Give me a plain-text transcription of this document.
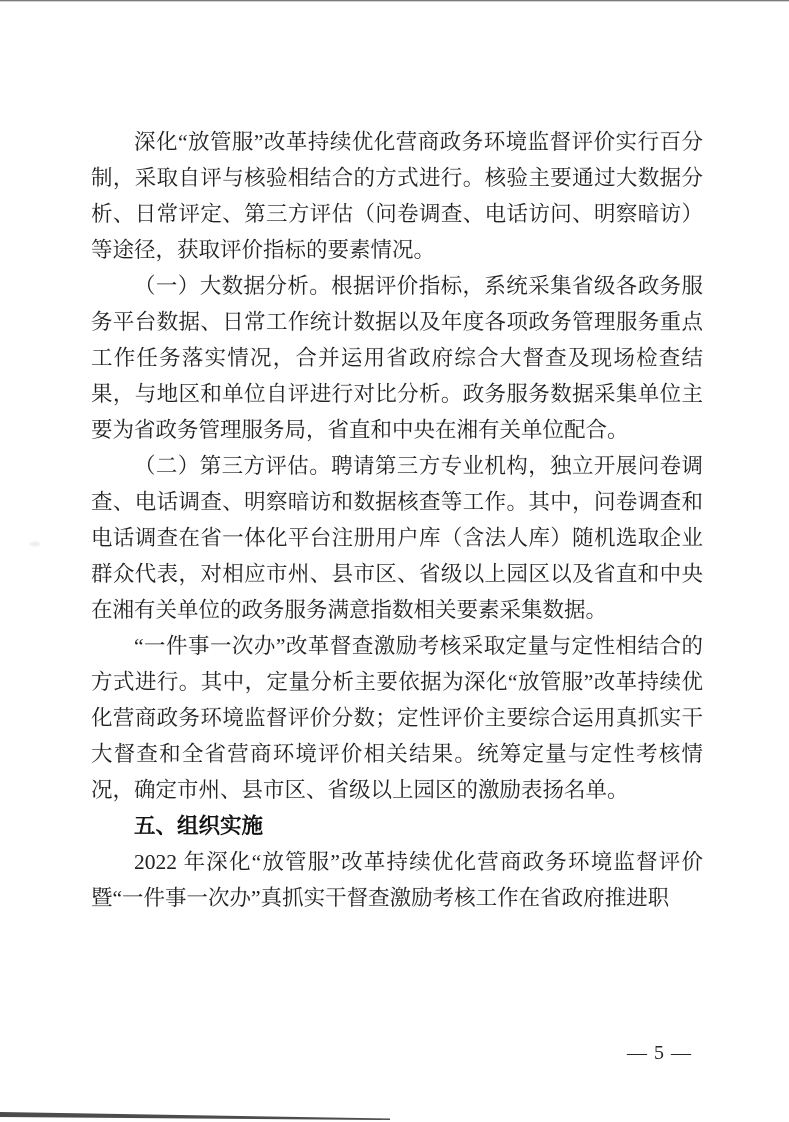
深化“放管服”改革持续优化营商政务环境监督评价实行百分制，采取自评与核验相结合的方式进行。核验主要通过大数据分析、日常评定、第三方评估（问卷调查、电话访问、明察暗访）等途径，获取评价指标的要素情况。

（一）大数据分析。根据评价指标，系统采集省级各政务服务平台数据、日常工作统计数据以及年度各项政务管理服务重点工作任务落实情况，合并运用省政府综合大督查及现场检查结果，与地区和单位自评进行对比分析。政务服务数据采集单位主要为省政务管理服务局，省直和中央在湘有关单位配合。

（二）第三方评估。聘请第三方专业机构，独立开展问卷调查、电话调查、明察暗访和数据核查等工作。其中，问卷调查和电话调查在省一体化平台注册用户库（含法人库）随机选取企业群众代表，对相应市州、县市区、省级以上园区以及省直和中央在湘有关单位的政务服务满意指数相关要素采集数据。

“一件事一次办”改革督查激励考核采取定量与定性相结合的方式进行。其中，定量分析主要依据为深化“放管服”改革持续优化营商政务环境监督评价分数；定性评价主要综合运用真抓实干大督查和全省营商环境评价相关结果。统筹定量与定性考核情况，确定市州、县市区、省级以上园区的激励表扬名单。

五、组织实施

2022 年深化“放管服”改革持续优化营商政务环境监督评价暨“一件事一次办”真抓实干督查激励考核工作在省政府推进职

— 5 —
